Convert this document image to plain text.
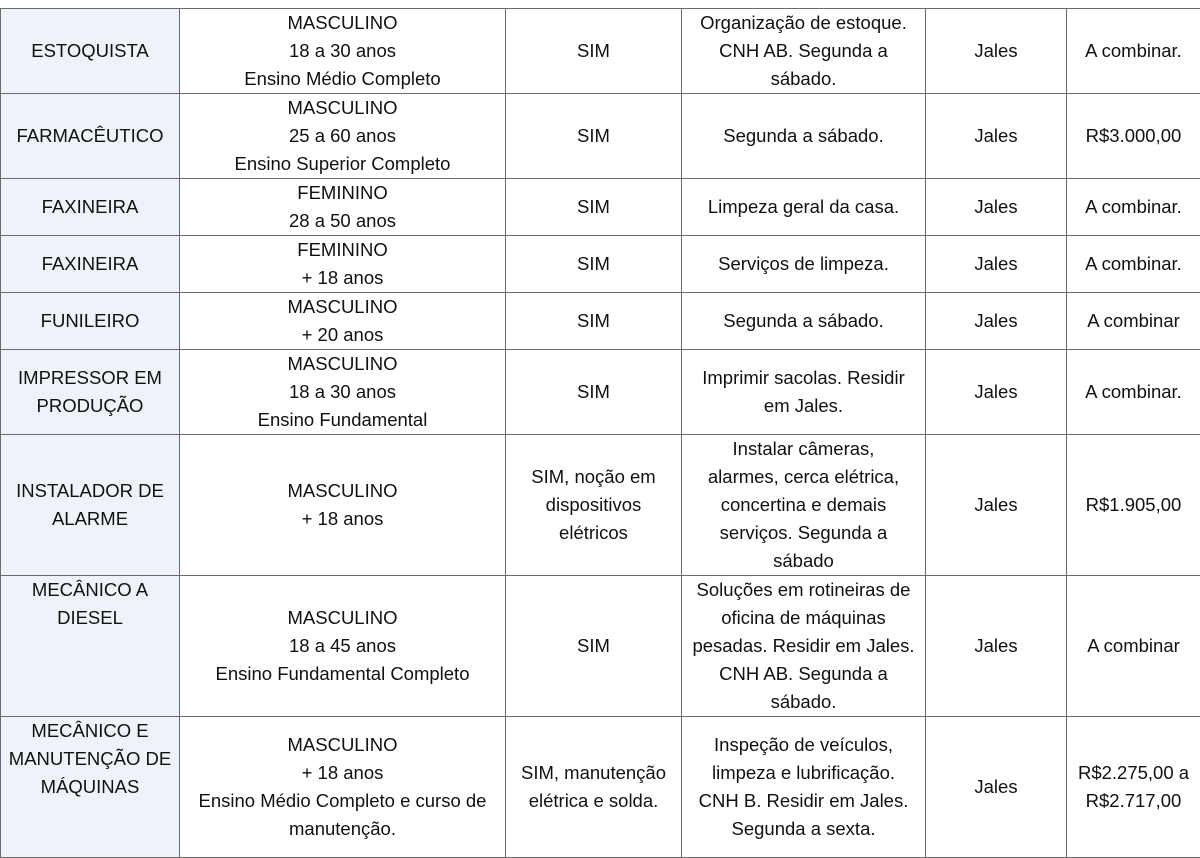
ESTOQUISTA	MASCULINO
18 a 30 anos
Ensino Médio Completo	SIM	Organização de estoque.
CNH AB. Segunda a
sábado.	Jales	A combinar.

FARMACÊUTICO	MASCULINO
25 a 60 anos
Ensino Superior Completo	SIM	Segunda a sábado.	Jales	R$3.000,00

FAXINEIRA	FEMININO
28 a 50 anos	SIM	Limpeza geral da casa.	Jales	A combinar.

FAXINEIRA	FEMININO
+ 18 anos	SIM	Serviços de limpeza.	Jales	A combinar.

FUNILEIRO	MASCULINO
+ 20 anos	SIM	Segunda a sábado.	Jales	A combinar

IMPRESSOR EM
PRODUÇÃO	MASCULINO
18 a 30 anos
Ensino Fundamental	SIM	Imprimir sacolas. Residir
em Jales.	Jales	A combinar.

INSTALADOR DE
ALARME	MASCULINO
+ 18 anos	SIM, noção em
dispositivos
elétricos	Instalar câmeras,
alarmes, cerca elétrica,
concertina e demais
serviços. Segunda a
sábado	Jales	R$1.905,00

MECÂNICO A
DIESEL	MASCULINO
18 a 45 anos
Ensino Fundamental Completo	SIM	Soluções em rotineiras de
oficina de máquinas
pesadas. Residir em Jales.
CNH AB. Segunda a
sábado.	Jales	A combinar

MECÂNICO E
MANUTENÇÃO DE
MÁQUINAS	MASCULINO
+ 18 anos
Ensino Médio Completo e curso de
manutenção.	SIM, manutenção
elétrica e solda.	Inspeção de veículos,
limpeza e lubrificação.
CNH B. Residir em Jales.
Segunda a sexta.	Jales	R$2.275,00 a
R$2.717,00
